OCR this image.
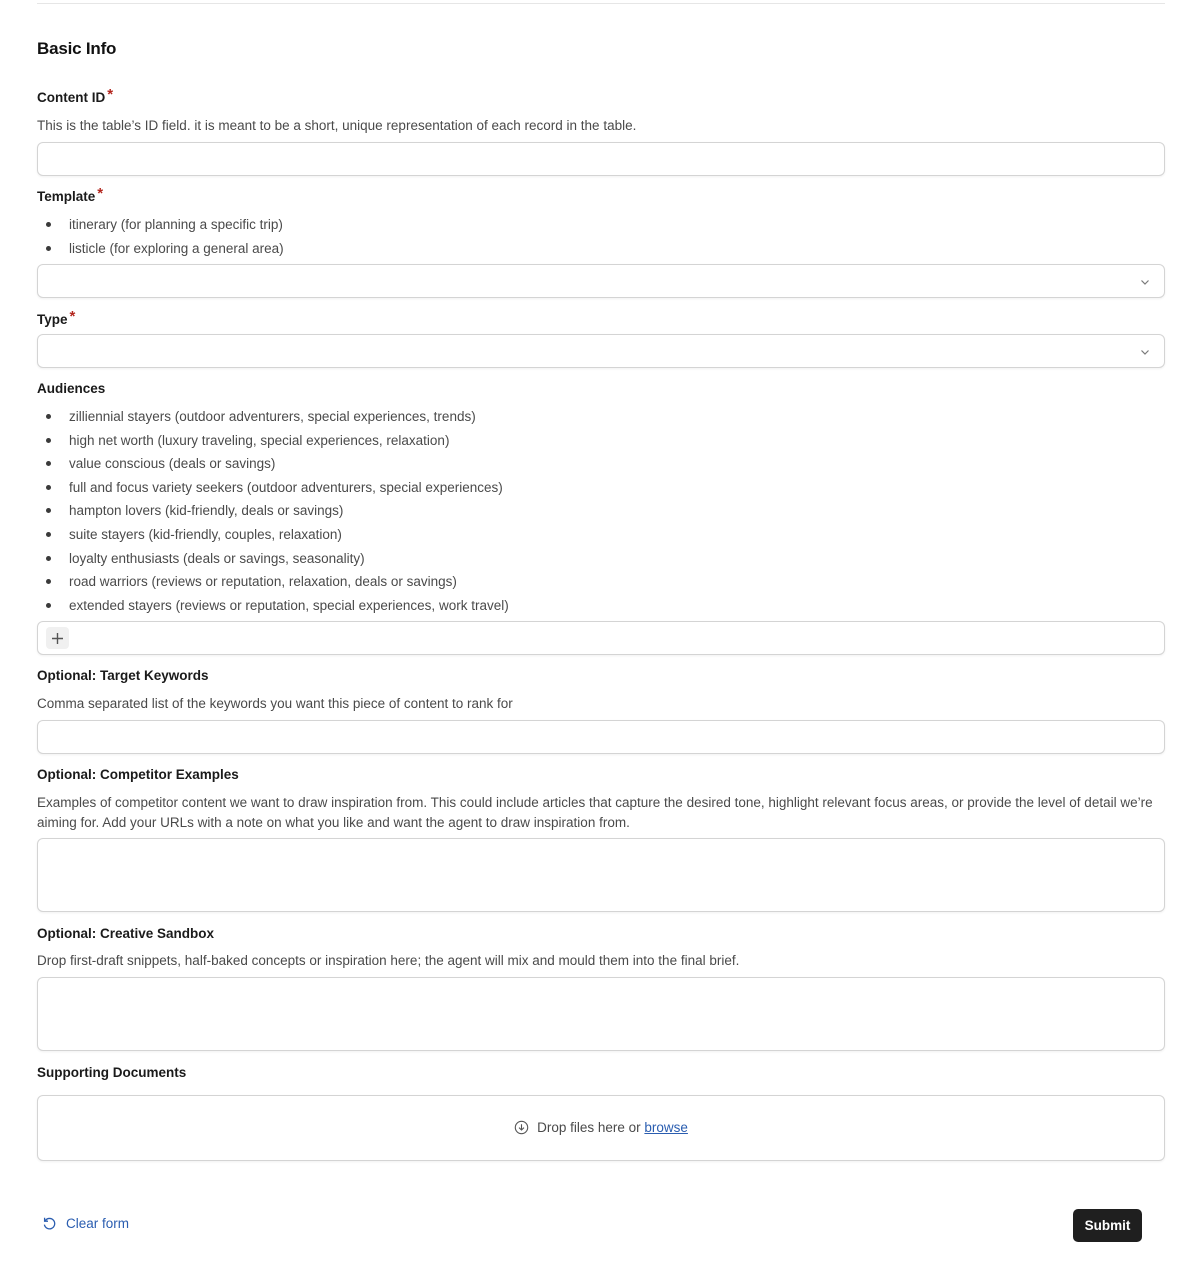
Basic Info
Content ID *
This is the table’s ID field. it is meant to be a short, unique representation of each record in the table.
Template *
itinerary (for planning a specific trip)
listicle (for exploring a general area)
Type *
Audiences
zilliennial stayers (outdoor adventurers, special experiences, trends)
high net worth (luxury traveling, special experiences, relaxation)
value conscious (deals or savings)
full and focus variety seekers (outdoor adventurers, special experiences)
hampton lovers (kid-friendly, deals or savings)
suite stayers (kid-friendly, couples, relaxation)
loyalty enthusiasts (deals or savings, seasonality)
road warriors (reviews or reputation, relaxation, deals or savings)
extended stayers (reviews or reputation, special experiences, work travel)
Optional: Target Keywords
Comma separated list of the keywords you want this piece of content to rank for
Optional: Competitor Examples
Examples of competitor content we want to draw inspiration from. This could include articles that capture the desired tone, highlight relevant focus areas, or provide the level of detail we’re aiming for. Add your URLs with a note on what you like and want the agent to draw inspiration from.
Optional: Creative Sandbox
Drop first-draft snippets, half-baked concepts or inspiration here; the agent will mix and mould them into the final brief.
Supporting Documents
Drop files here or browse
Clear form	Submit
